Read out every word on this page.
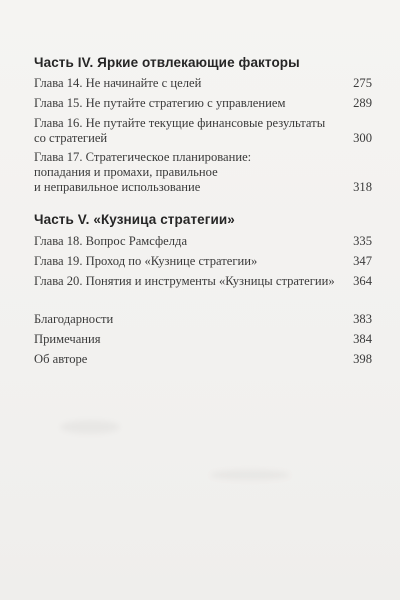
Часть IV. Яркие отвлекающие факторы
Глава 14. Не начинайте с целей	275
Глава 15. Не путайте стратегию с управлением	289
Глава 16. Не путайте текущие финансовые результаты
со стратегией	300
Глава 17. Стратегическое планирование:
попадания и промахи, правильное
и неправильное использование	318
Часть V. «Кузница стратегии»
Глава 18. Вопрос Рамсфелда	335
Глава 19. Проход по «Кузнице стратегии»	347
Глава 20. Понятия и инструменты «Кузницы стратегии» 364
Благодарности	383
Примечания	384
Об авторе	398
